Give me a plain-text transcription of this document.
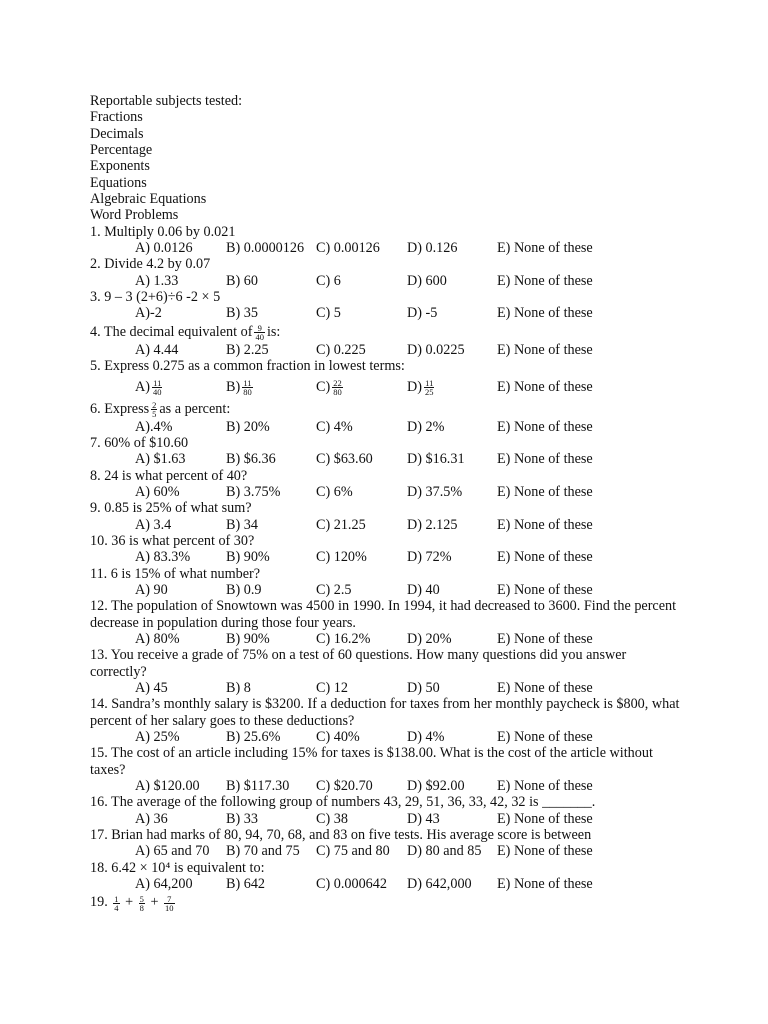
Reportable subjects tested:
Fractions
Decimals
Percentage
Exponents
Equations
Algebraic Equations
Word Problems
1. Multiply 0.06 by 0.021
A) 0.0126 B) 0.0000126 C) 0.00126 D) 0.126	E) None of these
2. Divide 4.2 by 0.07
A) 1.33	B) 60	C) 6	D) 600	E) None of these
3. 9 – 3 (2+6)÷6 -2 × 5
A)-2	B) 35	C) 5	D) -5	E) None of these
4. The decimal equivalent of $\frac{9}{40}$ is:
A) 4.44	B) 2.25	C) 0.225	D) 0.0225 E) None of these
5. Express 0.275 as a common fraction in lowest terms:
$A) \frac{11}{40}$	$B) \frac{11}{80}$	$C) \frac{22}{80}$	$D) \frac{11}{25}$	E) None of these
6. Express $\frac{2}{5}$ as a percent:
A).4%	B) 20%	C) 4%	D) 2%	E) None of these
7. 60% of $10.60
A) $1.63	B) $6.36	C) $63.60 D) $16.31 E) None of these
8. 24 is what percent of 40?
A) 60%	B) 3.75%	C) 6%	D) 37.5% E) None of these
9. 0.85 is 25% of what sum?
A) 3.4	B) 34	C) 21.25	D) 2.125	E) None of these
10. 36 is what percent of 30?
A) 83.3%	B) 90%	C) 120%	D) 72%	E) None of these
11. 6 is 15% of what number?
A) 90	B) 0.9	C) 2.5	D) 40	E) None of these
12. The population of Snowtown was 4500 in 1990. In 1994, it had decreased to 3600. Find the percent
decrease in population during those four years.
A) 80%	B) 90%	C) 16.2%	D) 20%	E) None of these
13. You receive a grade of 75% on a test of 60 questions. How many questions did you answer
correctly?
A) 45	B) 8	C) 12	D) 50	E) None of these
14. Sandra’s monthly salary is $3200. If a deduction for taxes from her monthly paycheck is $800, what
percent of her salary goes to these deductions?
A) 25%	B) 25.6%	C) 40%	D) 4%	E) None of these
15. The cost of an article including 15% for taxes is $138.00. What is the cost of the article without
taxes?
A) $120.00 B) $117.30 C) $20.70 D) $92.00 E) None of these
16. The average of the following group of numbers 43, 29, 51, 36, 33, 42, 32 is _______.
A) 36	B) 33	C) 38	D) 43	E) None of these
17. Brian had marks of 80, 94, 70, 68, and 83 on five tests. His average score is between
A) 65 and 70 B) 70 and 75 C) 75 and 80 D) 80 and 85 E) None of these
18. 6.42 × 10⁴ is equivalent to:
A) 64,200 B) 642	C) 0.000642 D) 642,000 E) None of these
19. $\frac{1}{4} + \frac{5}{8} + \frac{7}{10}$
